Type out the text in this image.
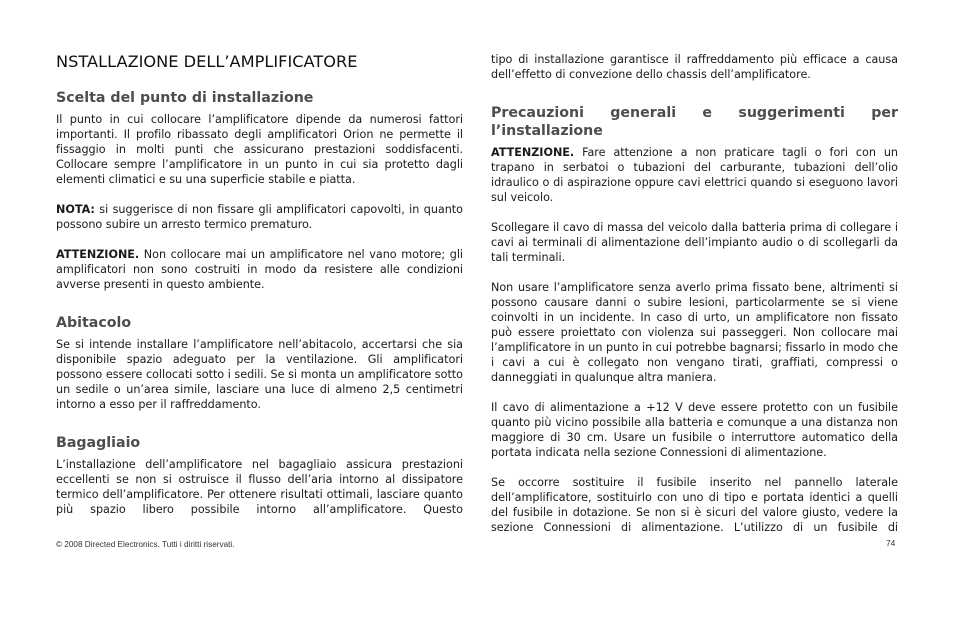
NSTALLAZIONE DELL’AMPLIFICATORE
Scelta del punto di installazione

Il punto in cui collocare l’amplificatore dipende da numerosi fattori importanti. Il profilo ribassato degli amplificatori Orion ne permette il fissaggio in molti punti che assicurano prestazioni soddisfacenti. Collocare sempre l’amplificatore in un punto in cui sia protetto dagli elementi climatici e su una superficie stabile e piatta.

NOTA: si suggerisce di non fissare gli amplificatori capovolti, in quanto possono subire un arresto termico prematuro.

ATTENZIONE. Non collocare mai un amplificatore nel vano motore; gli amplificatori non sono costruiti in modo da resistere alle condizioni avverse presenti in questo ambiente.

Abitacolo

Se si intende installare l’amplificatore nell’abitacolo, accertarsi che sia disponibile spazio adeguato per la ventilazione. Gli amplificatori possono essere collocati sotto i sedili. Se si monta un amplificatore sotto un sedile o un’area simile, lasciare una luce di almeno 2,5 centimetri intorno a esso per il raffreddamento.

Bagagliaio

L’installazione dell’amplificatore nel bagagliaio assicura prestazioni eccellenti se non si ostruisce il flusso dell’aria intorno al dissipatore termico dell’amplificatore. Per ottenere risultati ottimali, lasciare quanto più spazio libero possibile intorno all’amplificatore. Questo

tipo di installazione garantisce il raffreddamento più efficace a causa dell’effetto di convezione dello chassis dell’amplificatore.

Precauzioni generali e suggerimenti per l’installazione

ATTENZIONE. Fare attenzione a non praticare tagli o fori con un trapano in serbatoi o tubazioni del carburante, tubazioni dell’olio idraulico o di aspirazione oppure cavi elettrici quando si eseguono lavori sul veicolo.

Scollegare il cavo di massa del veicolo dalla batteria prima di collegare i cavi ai terminali di alimentazione dell’impianto audio o di scollegarli da tali terminali.

Non usare l’amplificatore senza averlo prima fissato bene, altrimenti si possono causare danni o subire lesioni, particolarmente se si viene coinvolti in un incidente. In caso di urto, un amplificatore non fissato può essere proiettato con violenza sui passeggeri. Non collocare mai l’amplificatore in un punto in cui potrebbe bagnarsi; fissarlo in modo che i cavi a cui è collegato non vengano tirati, graffiati, compressi o danneggiati in qualunque altra maniera.

Il cavo di alimentazione a +12 V deve essere protetto con un fusibile quanto più vicino possibile alla batteria e comunque a una distanza non maggiore di 30 cm. Usare un fusibile o interruttore automatico della portata indicata nella sezione Connessioni di alimentazione.

Se occorre sostituire il fusibile inserito nel pannello laterale dell’amplificatore, sostituirlo con uno di tipo e portata identici a quelli del fusibile in dotazione. Se non si è sicuri del valore giusto, vedere la sezione Connessioni di alimentazione. L’utilizzo di un fusibile di

© 2008 Directed Electronics. Tutti i diritti riservati.	74
